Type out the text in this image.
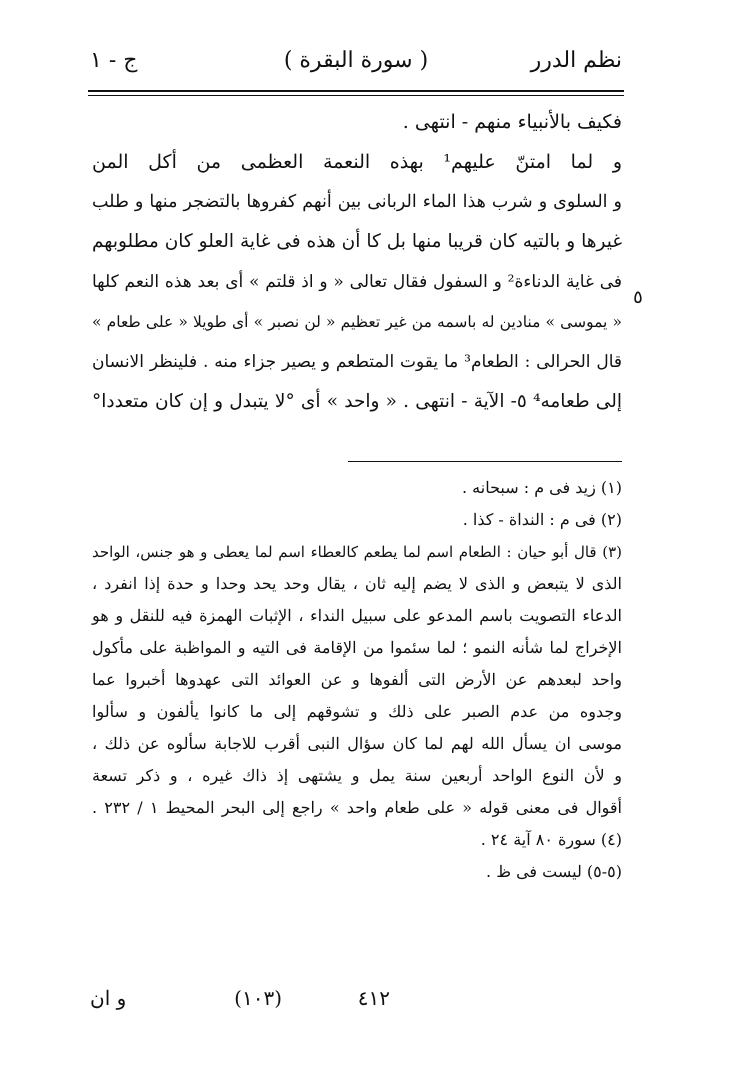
نظم الدرر
( سورة البقرة )
ج - ١
فكيف بالأنبياء منهم - انتهى .
و لما امتنّ عليهم¹ بهذه النعمة العظمى من أكل المن
و السلوى و شرب هذا الماء الربانى بين أنهم كفروها بالتضجر منها و طلب
غيرها و بالتيه كان قريبا منها بل كا أن هذه فى غاية العلو كان مطلوبهم
فى غاية الدناءة² و السفول فقال تعالى « و اذ قلتم » أى بعد هذه النعم كلها
« يموسى » منادين له باسمه من غير تعظيم « لن نصبر » أى طويلا « على طعام »
قال الحرالى : الطعام³ ما يقوت المتطعم و يصير جزاء منه . فلينظر الانسان
إلى طعامه⁴ ٥- الآية - انتهى . « واحد » أى °لا يتبدل و إن كان متعددا°
٥
(١) زيد فى م : سبحانه .
(٢) فى م : النداة - كذا .
(٣) قال أبو حيان : الطعام اسم لما يطعم كالعطاء اسم لما يعطى و هو جنس، الواحد
الذى لا يتبعض و الذى لا يضم إليه ثان ، يقال وحد يحد وحدا و حدة إذا انفرد ،
الدعاء التصويت باسم المدعو على سبيل النداء ، الإثبات الهمزة فيه للنقل و هو
الإخراج لما شأنه النمو ؛ لما سئموا من الإقامة فى التيه و المواظبة على مأكول
واحد لبعدهم عن الأرض التى ألفوها و عن العوائد التى عهدوها أخبروا عما
وجدوه من عدم الصبر على ذلك و تشوقهم إلى ما كانوا يألفون و سألوا
موسى ان يسأل الله لهم لما كان سؤال النبى أقرب للاجابة سألوه عن ذلك ،
و لأن النوع الواحد أربعين سنة يمل و يشتهى إذ ذاك غيره ، و ذكر تسعة
أقوال فى معنى قوله « على طعام واحد » راجع إلى البحر المحيط ١ / ٢٣٢ .
(٤) سورة ٨٠ آية ٢٤ .
(٥-٥) ليست فى ظ .
٤١٢
(١٠٣)
و ان
